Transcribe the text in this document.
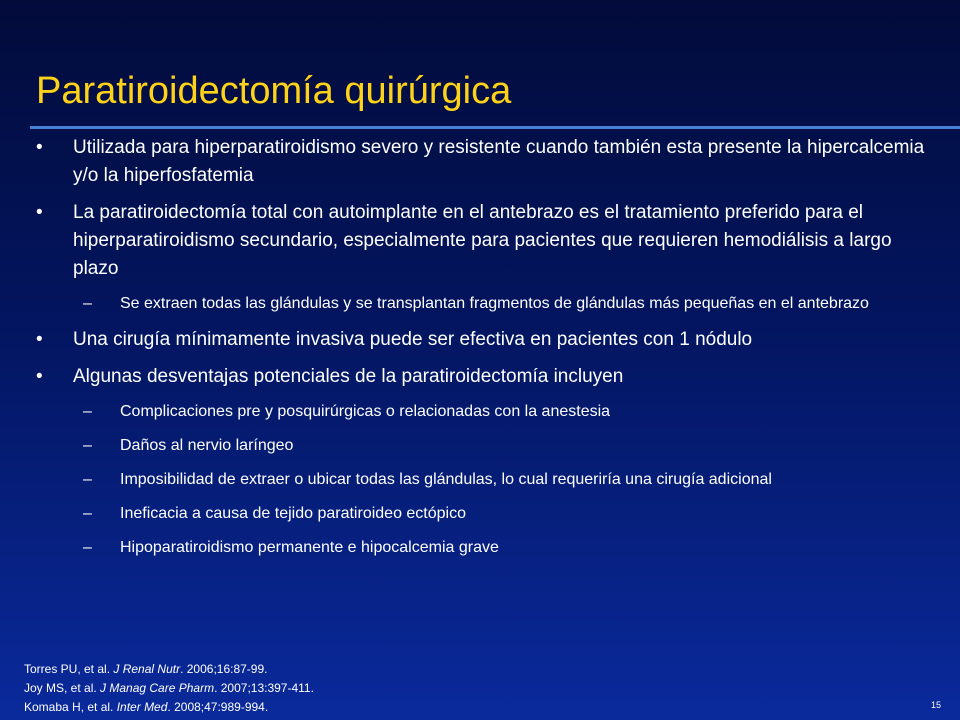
Paratiroidectomía quirúrgica
• Utilizada para hiperparatiroidismo severo y resistente cuando también esta presente la hipercalcemia y/o la hiperfosfatemia
• La paratiroidectomía total con autoimplante en el antebrazo es el tratamiento preferido para el hiperparatiroidismo secundario, especialmente para pacientes que requieren hemodiálisis a largo plazo
– Se extraen todas las glándulas y se transplantan fragmentos de glándulas más pequeñas en el antebrazo
• Una cirugía mínimamente invasiva puede ser efectiva en pacientes con 1 nódulo
• Algunas desventajas potenciales de la paratiroidectomía incluyen
– Complicaciones pre y posquirúrgicas o relacionadas con la anestesia
– Daños al nervio laríngeo
– Imposibilidad de extraer o ubicar todas las glándulas, lo cual requeriría una cirugía adicional
– Ineficacia a causa de tejido paratiroideo ectópico
– Hipoparatiroidismo permanente e hipocalcemia grave
Torres PU, et al. J Renal Nutr. 2006;16:87-99.
Joy MS, et al. J Manag Care Pharm. 2007;13:397-411.
Komaba H, et al. Inter Med. 2008;47:989-994.	15
